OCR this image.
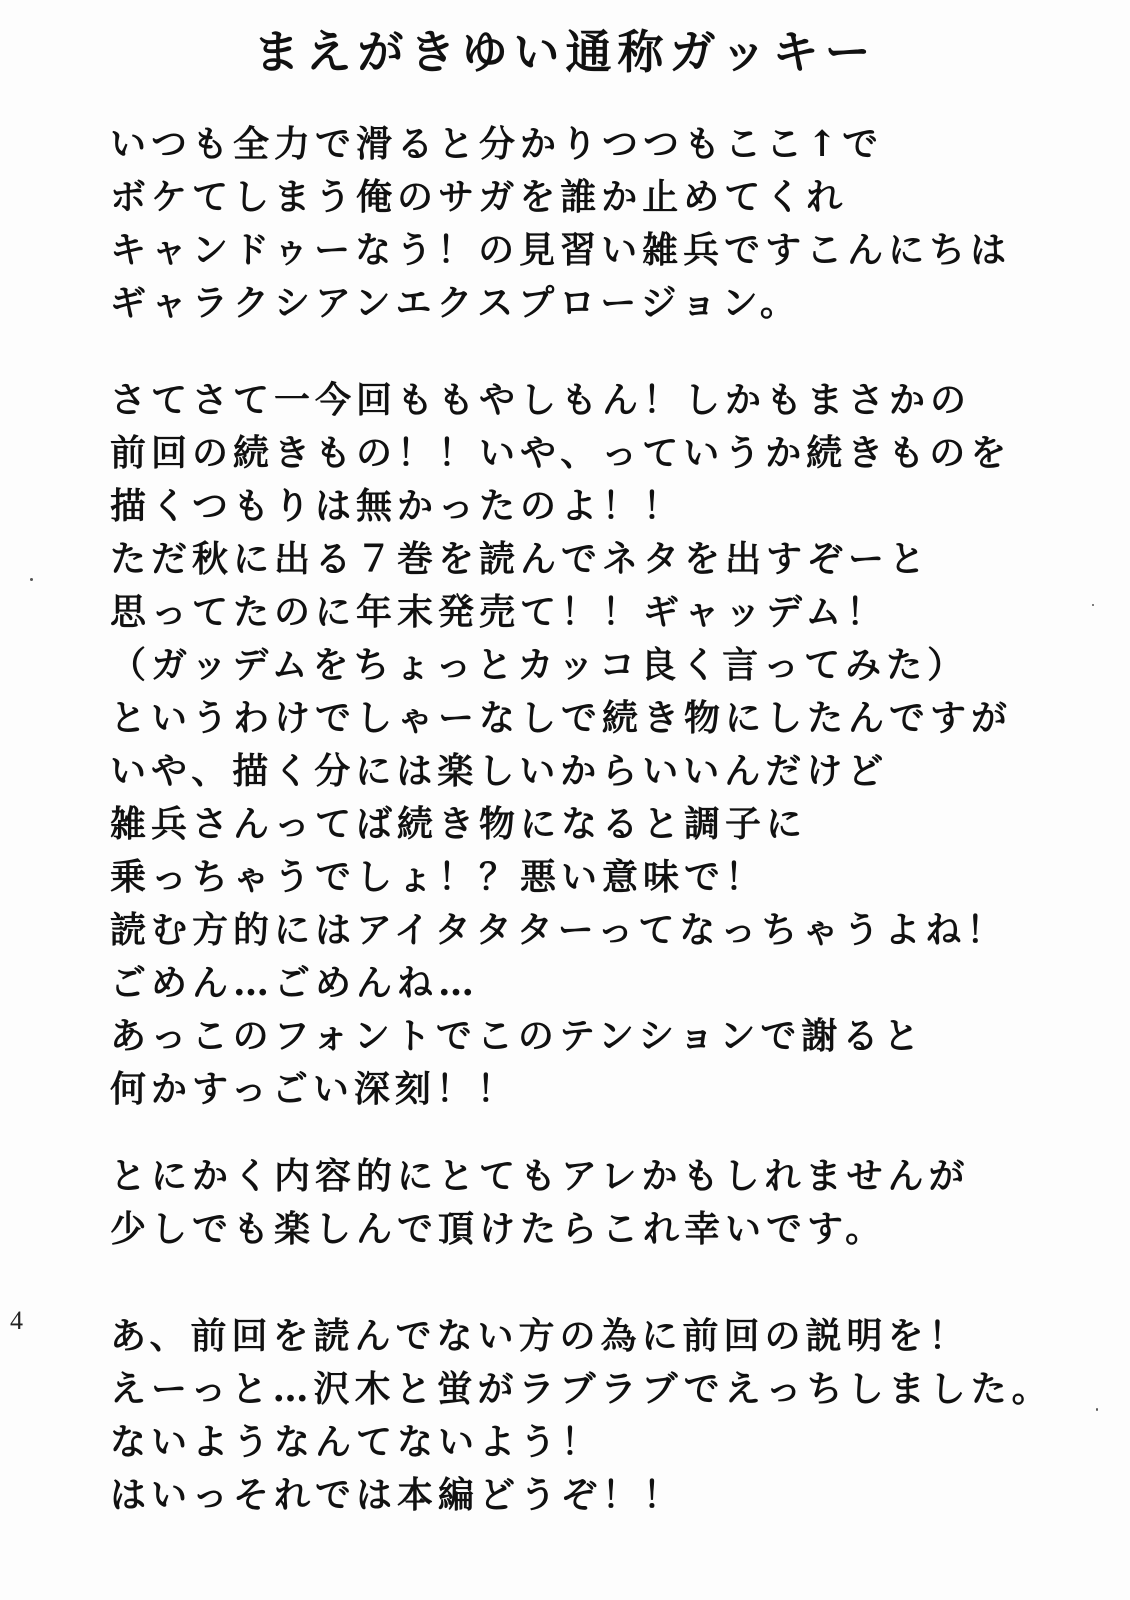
まえがきゆい通称ガッキー
いつも全力で滑ると分かりつつもここ↑で
ボケてしまう俺のサガを誰か止めてくれ
キャンドゥーなう！の見習い雑兵ですこんにちは
ギャラクシアンエクスプロージョン。
さてさて一今回ももやしもん！しかもまさかの
前回の続きもの！！いや、っていうか続きものを
描くつもりは無かったのよ！！
ただ秋に出る７巻を読んでネタを出すぞーと
思ってたのに年末発売て！！ギャッデム！
（ガッデムをちょっとカッコ良く言ってみた）
というわけでしゃーなしで続き物にしたんですが
いや、描く分には楽しいからいいんだけど
雑兵さんってば続き物になると調子に
乗っちゃうでしょ！？悪い意味で！
読む方的にはアイタタターってなっちゃうよね！
ごめん…ごめんね…
あっこのフォントでこのテンションで謝ると
何かすっごい深刻！！
とにかく内容的にとてもアレかもしれませんが
少しでも楽しんで頂けたらこれ幸いです。
4 あ、前回を読んでない方の為に前回の説明を！
えーっと…沢木と蛍がラブラブでえっちしました。
ないようなんてないよう！
はいっそれでは本編どうぞ！！
